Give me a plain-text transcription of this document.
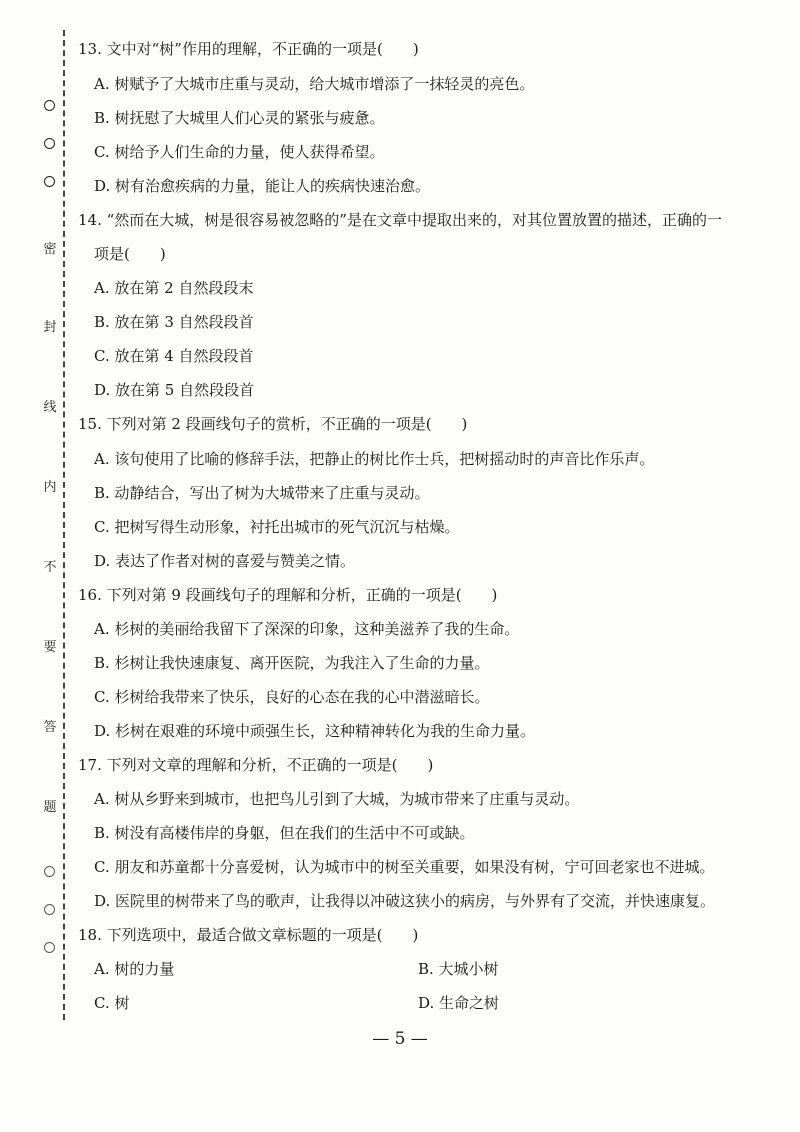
密
封
线
内
不
要
答
题
13. 文中对“树”作用的理解，不正确的一项是(　　)
A. 树赋予了大城市庄重与灵动，给大城市增添了一抹轻灵的亮色。
B. 树抚慰了大城里人们心灵的紧张与疲惫。
C. 树给予人们生命的力量，使人获得希望。
D. 树有治愈疾病的力量，能让人的疾病快速治愈。
14. “然而在大城，树是很容易被忽略的”是在文章中提取出来的，对其位置放置的描述，正确的一
项是(　　)
A. 放在第 2 自然段段末
B. 放在第 3 自然段段首
C. 放在第 4 自然段段首
D. 放在第 5 自然段段首
15. 下列对第 2 段画线句子的赏析，不正确的一项是(　　)
A. 该句使用了比喻的修辞手法，把静止的树比作士兵，把树摇动时的声音比作乐声。
B. 动静结合，写出了树为大城带来了庄重与灵动。
C. 把树写得生动形象，衬托出城市的死气沉沉与枯燥。
D. 表达了作者对树的喜爱与赞美之情。
16. 下列对第 9 段画线句子的理解和分析，正确的一项是(　　)
A. 杉树的美丽给我留下了深深的印象，这种美滋养了我的生命。
B. 杉树让我快速康复、离开医院，为我注入了生命的力量。
C. 杉树给我带来了快乐，良好的心态在我的心中潜滋暗长。
D. 杉树在艰难的环境中顽强生长，这种精神转化为我的生命力量。
17. 下列对文章的理解和分析，不正确的一项是(　　)
A. 树从乡野来到城市，也把鸟儿引到了大城，为城市带来了庄重与灵动。
B. 树没有高楼伟岸的身躯，但在我们的生活中不可或缺。
C. 朋友和苏童都十分喜爱树，认为城市中的树至关重要，如果没有树，宁可回老家也不进城。
D. 医院里的树带来了鸟的歌声，让我得以冲破这狭小的病房，与外界有了交流，并快速康复。
18. 下列选项中，最适合做文章标题的一项是(　　)
A. 树的力量	B. 大城小树
C. 树	D. 生命之树
— 5 —
